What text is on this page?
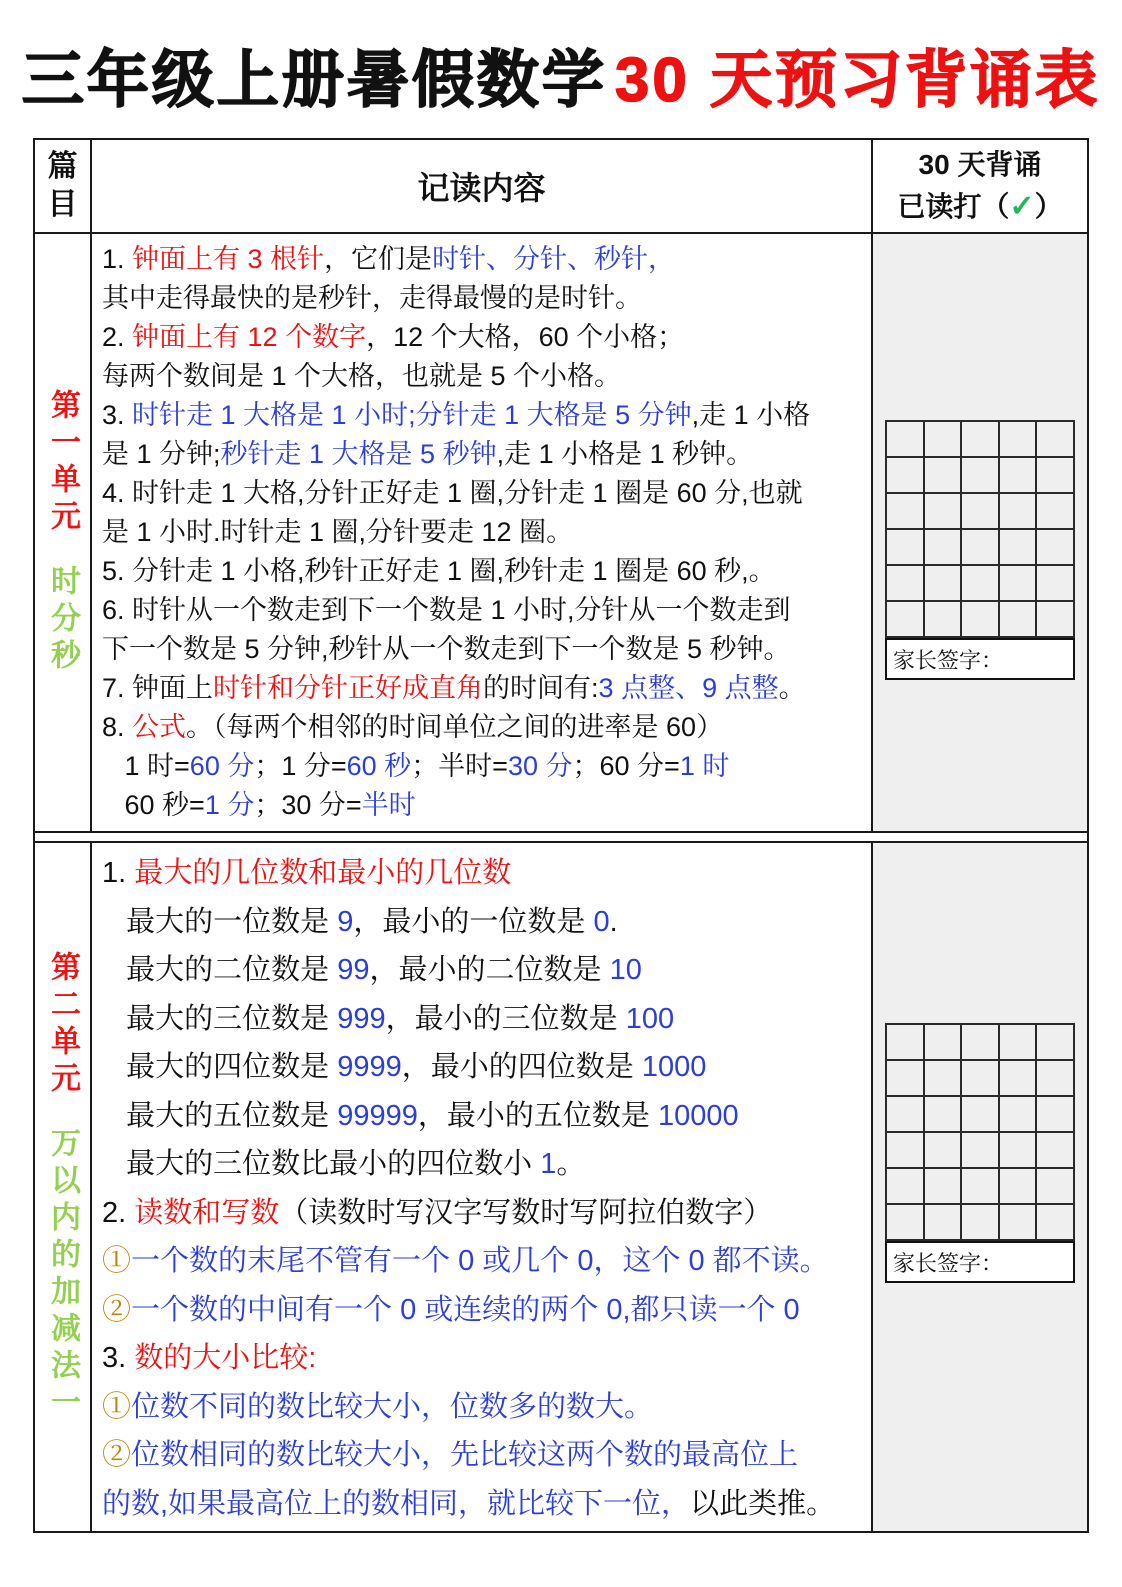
三年级上册暑假数学 30 天预习背诵表
篇目	记读内容
30 天背诵
已读打（✓）
第一单元
时分秒
1. 钟面上有 3 根针，它们是时针、分针、秒针，
其中走得最快的是秒针，走得最慢的是时针。
2. 钟面上有 12 个数字，12 个大格，60 个小格；
每两个数间是 1 个大格，也就是 5 个小格。
3. 时针走 1 大格是 1 小时;分针走 1 大格是 5 分钟,走 1 小格
是 1 分钟;秒针走 1 大格是 5 秒钟,走 1 小格是 1 秒钟。
4. 时针走 1 大格,分针正好走 1 圈,分针走 1 圈是 60 分,也就
是 1 小时.时针走 1 圈,分针要走 12 圈。
5. 分针走 1 小格,秒针正好走 1 圈,秒针走 1 圈是 60 秒,。
6. 时针从一个数走到下一个数是 1 小时,分针从一个数走到
下一个数是 5 分钟,秒针从一个数走到下一个数是 5 秒钟。
7. 钟面上时针和分针正好成直角的时间有:3 点整、9 点整。
8. 公式。（每两个相邻的时间单位之间的进率是 60）
1 时=60 分；1 分=60 秒；半时=30 分；60 分=1 时
60 秒=1 分；30 分=半时
家长签字：
第二单元
万以内的加减法一
1. 最大的几位数和最小的几位数
最大的一位数是 9，最小的一位数是 0.
最大的二位数是 99，最小的二位数是 10
最大的三位数是 999，最小的三位数是 100
最大的四位数是 9999，最小的四位数是 1000
最大的五位数是 99999，最小的五位数是 10000
最大的三位数比最小的四位数小 1。
2. 读数和写数（读数时写汉字写数时写阿拉伯数字）
①一个数的末尾不管有一个 0 或几个 0，这个 0 都不读。
②一个数的中间有一个 0 或连续的两个 0,都只读一个 0
3. 数的大小比较:
①位数不同的数比较大小，位数多的数大。
②位数相同的数比较大小，先比较这两个数的最高位上
的数,如果最高位上的数相同，就比较下一位，以此类推。
家长签字：
